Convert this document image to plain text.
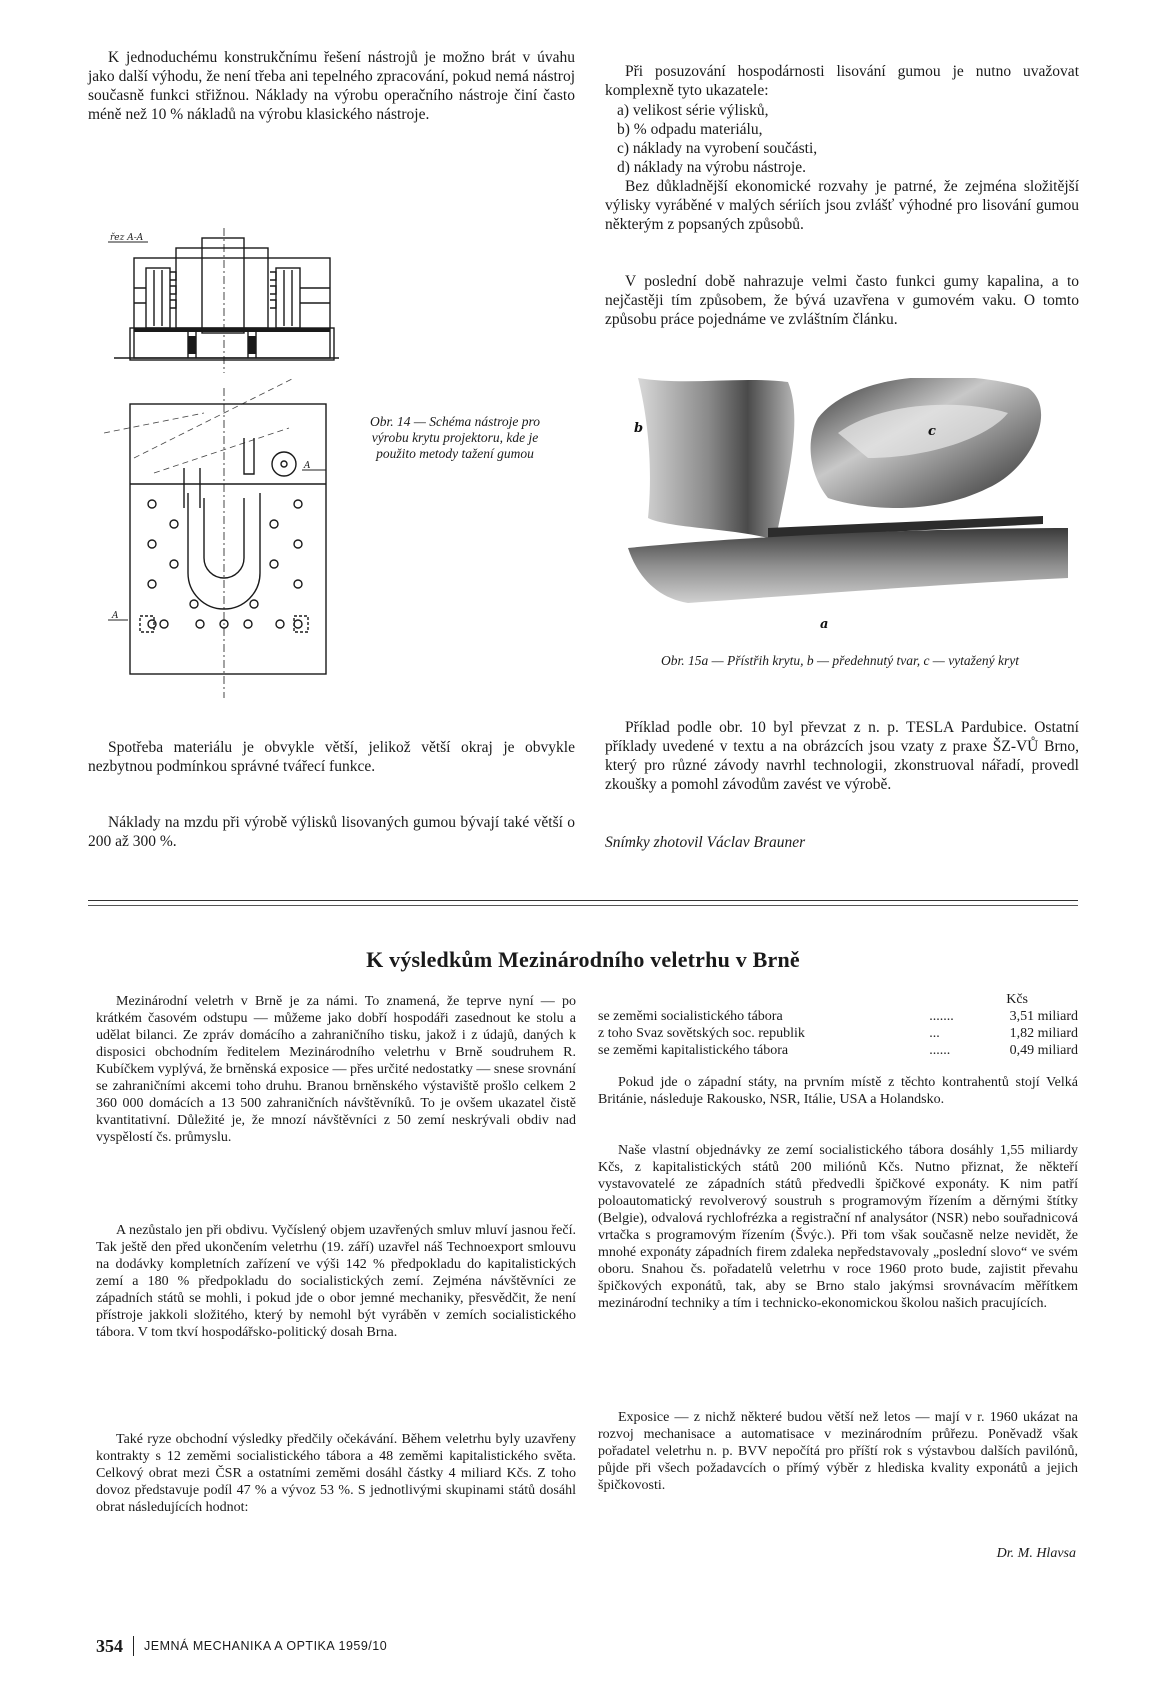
K jednoduchému konstrukčnímu řešení nástrojů je možno brát v úvahu jako další výhodu, že není třeba ani tepelného zpracování, pokud nemá nástroj současně funkci střižnou. Náklady na výrobu operačního nástroje činí často méně než 10 % nákladů na výrobu klasického nástroje.

řez A-A
A
A
Obr. 14 — Schéma nástroje pro výrobu krytu projektoru, kde je použito metody tažení gumou

Spotřeba materiálu je obvykle větší, jelikož větší okraj je obvykle nezbytnou podmínkou správné tvářecí funkce.

Náklady na mzdu při výrobě výlisků lisovaných gumou bývají také větší o 200 až 300 %.

Při posuzování hospodárnosti lisování gumou je nutno uvažovat komplexně tyto ukazatele:

a) velikost série výlisků,

b) % odpadu materiálu,

c) náklady na vyrobení součásti,

d) náklady na výrobu nástroje.

Bez důkladnější ekonomické rozvahy je patrné, že zejména složitější výlisky vyráběné v malých sériích jsou zvlášť výhodné pro lisování gumou některým z popsaných způsobů.

V poslední době nahrazuje velmi často funkci gumy kapalina, a to nejčastěji tím způsobem, že bývá uzavřena v gumovém vaku. O tomto způsobu práce pojednáme ve zvláštním článku.

b	c
a
Obr. 15a — Přístřih krytu, b — předehnutý tvar, c — vytažený kryt

Příklad podle obr. 10 byl převzat z n. p. TESLA Pardubice. Ostatní příklady uvedené v textu a na obrázcích jsou vzaty z praxe ŠZ-VŮ Brno, který pro různé závody navrhl technologii, zkonstruoval nářadí, provedl zkoušky a pomohl závodům zavést ve výrobě.

Snímky zhotovil Václav Brauner

K výsledkům Mezinárodního veletrhu v Brně

Mezinárodní veletrh v Brně je za námi. To znamená, že teprve nyní — po krátkém časovém odstupu — můžeme jako dobří hospodáři zasednout ke stolu a udělat bilanci. Ze zpráv domácího a zahraničního tisku, jakož i z údajů, daných k disposici obchodním ředitelem Mezinárodního veletrhu v Brně soudruhem R. Kubíčkem vyplývá, že brněnská exposice — přes určité nedostatky — snese srovnání se zahraničními akcemi toho druhu. Branou brněnského výstaviště prošlo celkem 2 360 000 domácích a 13 500 zahraničních návštěvníků. To je ovšem ukazatel čistě kvantitativní. Důležité je, že mnozí návštěvníci z 50 zemí neskrývali obdiv nad vyspělostí čs. průmyslu.

A nezůstalo jen při obdivu. Vyčíslený objem uzavřených smluv mluví jasnou řečí. Tak ještě den před ukončením veletrhu (19. září) uzavřel náš Technoexport smlouvu na dodávky kompletních zařízení ve výši 142 % předpokladu do kapitalistických zemí a 180 % předpokladu do socialistických zemí. Zejména návštěvníci ze západních států se mohli, i pokud jde o obor jemné mechaniky, přesvědčit, že není přístroje jakkoli složitého, který by nemohl být vyráběn v zemích socialistického tábora. V tom tkví hospodářsko-politický dosah Brna.

Také ryze obchodní výsledky předčily očekávání. Během veletrhu byly uzavřeny kontrakty s 12 zeměmi socialistického tábora a 48 zeměmi kapitalistického světa. Celkový obrat mezi ČSR a ostatními zeměmi dosáhl částky 4 miliard Kčs. Z toho dovoz představuje podíl 47 % a vývoz 53 %. S jednotlivými skupinami států dosáhl obrat následujících hodnot:

Kčs
se zeměmi socialistického tábora	.......	3,51 miliard
z toho Svaz sovětských soc. republik	...	1,82 miliard
se zeměmi kapitalistického tábora	......	0,49 miliard

Pokud jde o západní státy, na prvním místě z těchto kontrahentů stojí Velká Británie, následuje Rakousko, NSR, Itálie, USA a Holandsko.

Naše vlastní objednávky ze zemí socialistického tábora dosáhly 1,55 miliardy Kčs, z kapitalistických států 200 miliónů Kčs. Nutno přiznat, že někteří vystavovatelé ze západních států předvedli špičkové exponáty. K nim patří poloautomatický revolverový soustruh s programovým řízením a děrnými štítky (Belgie), odvalová rychlofrézka a registrační nf analysátor (NSR) nebo souřadnicová vrtačka s programovým řízením (Švýc.). Při tom však současně nelze nevidět, že mnohé exponáty západních firem zdaleka nepředstavovaly „poslední slovo“ ve svém oboru. Snahou čs. pořadatelů veletrhu v roce 1960 proto bude, zajistit převahu špičkových exponátů, tak, aby se Brno stalo jakýmsi srovnávacím měřítkem mezinárodní techniky a tím i technicko-ekonomickou školou našich pracujících.

Exposice — z nichž některé budou větší než letos — mají v r. 1960 ukázat na rozvoj mechanisace a automatisace v mezinárodním průřezu. Poněvadž však pořadatel veletrhu n. p. BVV nepočítá pro příští rok s výstavbou dalších pavilónů, půjde při všech požadavcích o přímý výběr z hlediska kvality exponátů a jejich špičkovosti.

Dr. M. Hlavsa
354 JEMNÁ MECHANIKA A OPTIKA 1959/10
